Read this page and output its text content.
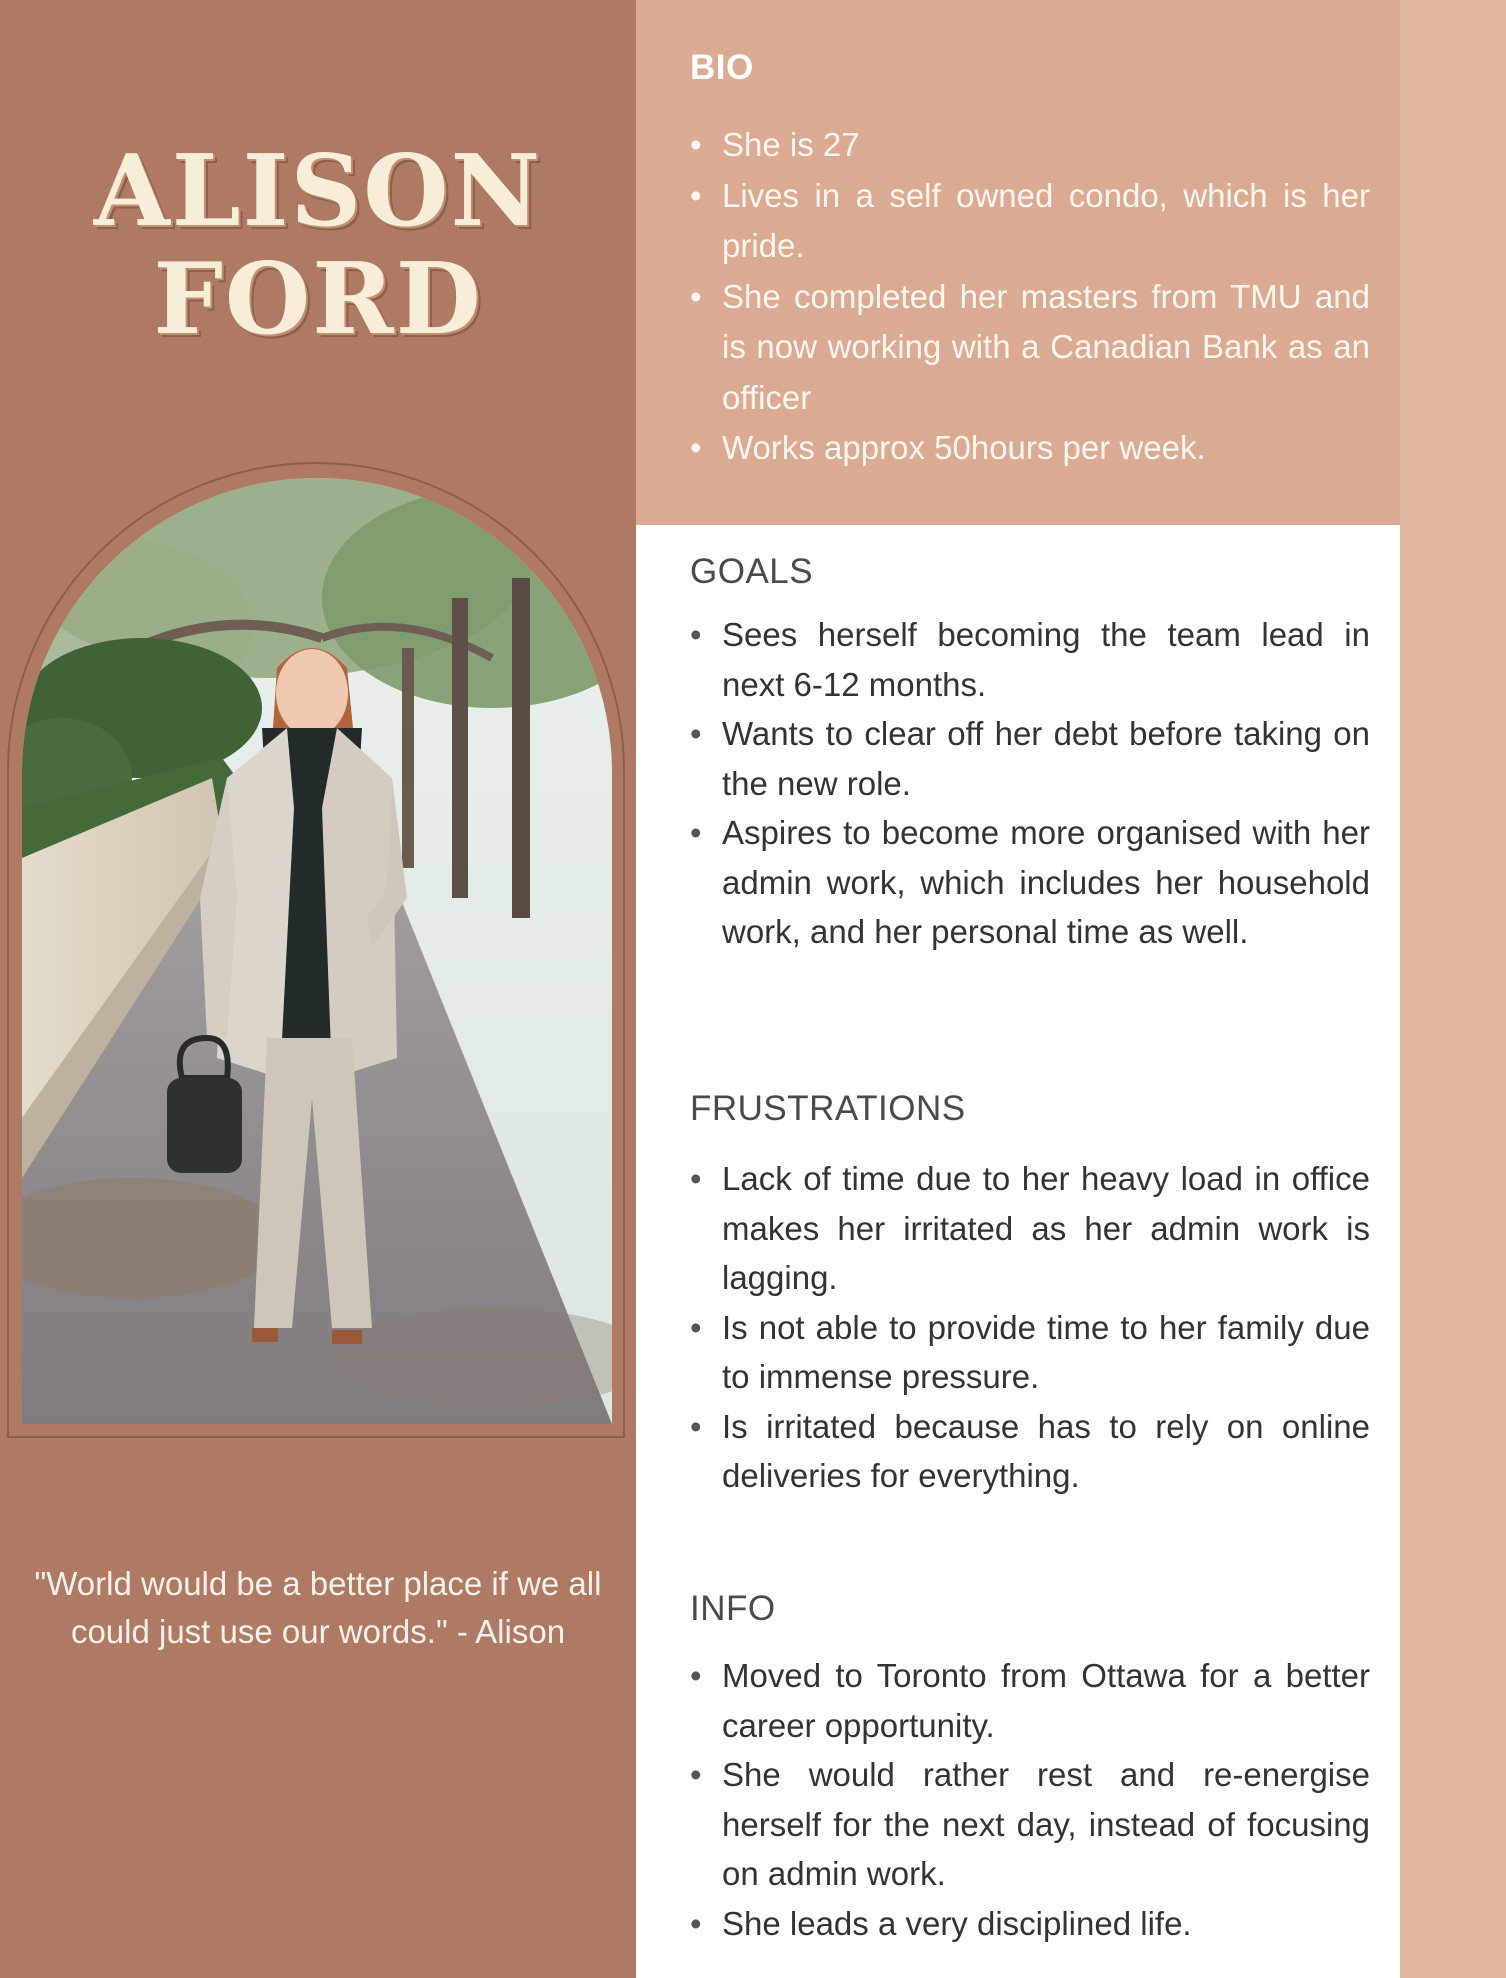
ALISON
FORD

"World would be a better place if we all could just use our words." - Alison

BIO
• She is 27
• Lives in a self owned condo, which is her pride.
• She completed her masters from TMU and is now working with a Canadian Bank as an officer
• Works approx 50hours per week.
GOALS
• Sees herself becoming the team lead in next 6-12 months.
• Wants to clear off her debt before taking on the new role.
• Aspires to become more organised with her admin work, which includes her household work, and her personal time as well.
FRUSTRATIONS
• Lack of time due to her heavy load in office makes her irritated as her admin work is lagging.
• Is not able to provide time to her family due to immense pressure.
• Is irritated because has to rely on online deliveries for everything.
INFO
• Moved to Toronto from Ottawa for a better career opportunity.
• She would rather rest and re-energise herself for the next day, instead of focusing on admin work.
• She leads a very disciplined life.
